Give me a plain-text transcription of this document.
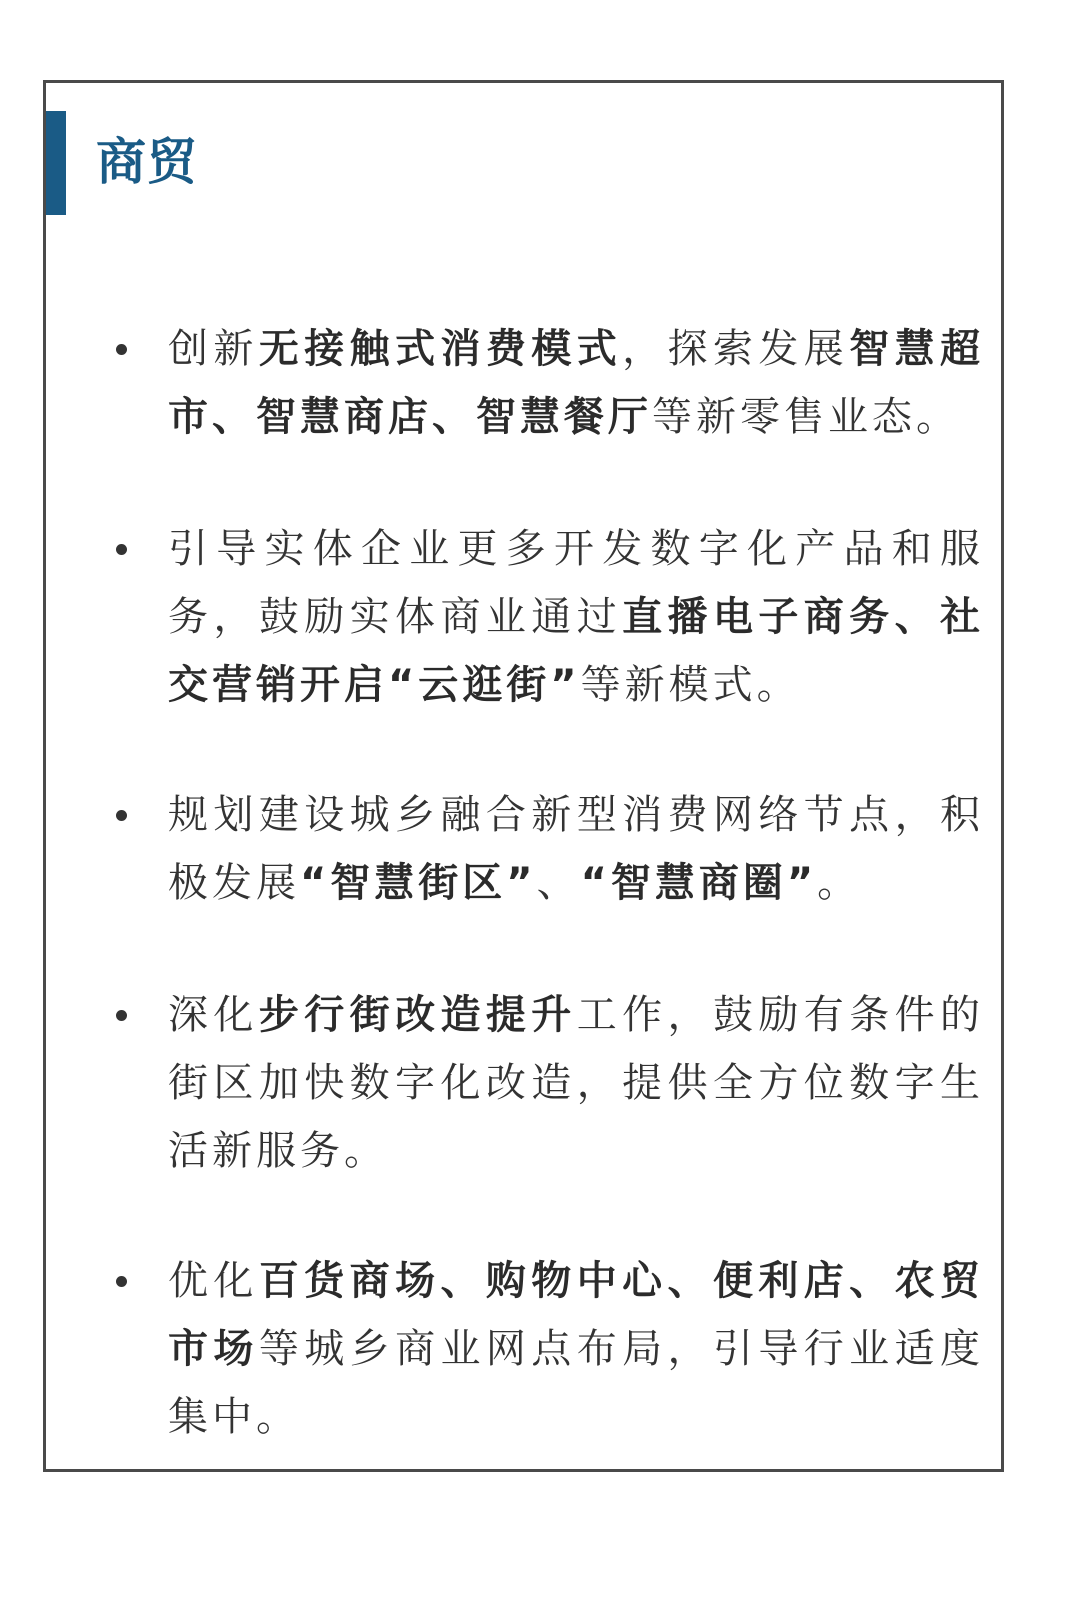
商贸
创新无接触式消费模式，探索发展智慧超市、智慧商店、智慧餐厅等新零售业态。
引导实体企业更多开发数字化产品和服务，鼓励实体商业通过直播电子商务、社交营销开启“云逛街”等新模式。
规划建设城乡融合新型消费网络节点，积极发展“智慧街区”、“智慧商圈”。
深化步行街改造提升工作，鼓励有条件的街区加快数字化改造，提供全方位数字生活新服务。
优化百货商场、购物中心、便利店、农贸市场等城乡商业网点布局，引导行业适度集中。
